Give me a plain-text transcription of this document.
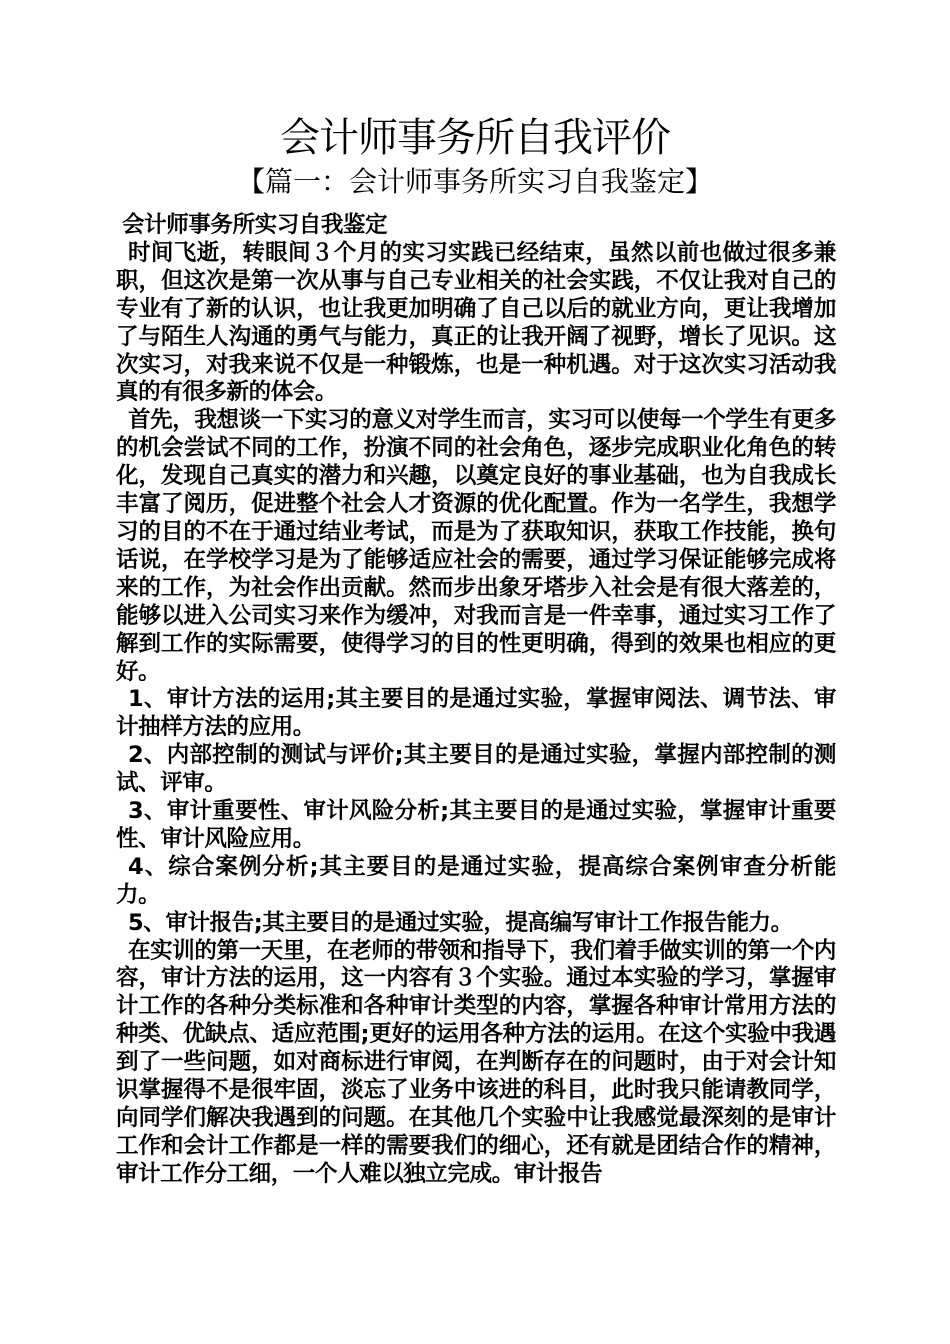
会计师事务所自我评价
【篇一：会计师事务所实习自我鉴定】

会计师事务所实习自我鉴定

时间飞逝，转眼间３个月的实习实践已经结束，虽然以前也做过很多兼职，但这次是第一次从事与自己专业相关的社会实践，不仅让我对自己的专业有了新的认识，也让我更加明确了自己以后的就业方向，更让我增加了与陌生人沟通的勇气与能力，真正的让我开阔了视野，增长了见识。这次实习，对我来说不仅是一种锻炼，也是一种机遇。对于这次实习活动我真的有很多新的体会。

首先，我想谈一下实习的意义对学生而言，实习可以使每一个学生有更多的机会尝试不同的工作，扮演不同的社会角色，逐步完成职业化角色的转化，发现自己真实的潜力和兴趣，以奠定良好的事业基础，也为自我成长丰富了阅历，促进整个社会人才资源的优化配置。作为一名学生，我想学习的目的不在于通过结业考试，而是为了获取知识，获取工作技能，换句话说，在学校学习是为了能够适应社会的需要，通过学习保证能够完成将来的工作，为社会作出贡献。然而步出象牙塔步入社会是有很大落差的，能够以进入公司实习来作为缓冲，对我而言是一件幸事，通过实习工作了解到工作的实际需要，使得学习的目的性更明确，得到的效果也相应的更好。

1、审计方法的运用;其主要目的是通过实验，掌握审阅法、调节法、审计抽样方法的应用。

2、内部控制的测试与评价;其主要目的是通过实验，掌握内部控制的测试、评审。

3、审计重要性、审计风险分析;其主要目的是通过实验，掌握审计重要性、审计风险应用。

4、综合案例分析;其主要目的是通过实验，提高综合案例审查分析能力。

5、审计报告;其主要目的是通过实验，提高编写审计工作报告能力。

在实训的第一天里，在老师的带领和指导下，我们着手做实训的第一个内容，审计方法的运用，这一内容有３个实验。通过本实验的学习，掌握审计工作的各种分类标准和各种审计类型的内容，掌握各种审计常用方法的种类、优缺点、适应范围;更好的运用各种方法的运用。在这个实验中我遇到了一些问题，如对商标进行审阅，在判断存在的问题时，由于对会计知识掌握得不是很牢固，淡忘了业务中该进的科目，此时我只能请教同学，向同学们解决我遇到的问题。在其他几个实验中让我感觉最深刻的是审计工作和会计工作都是一样的需要我们的细心，还有就是团结合作的精神，审计工作分工细，一个人难以独立完成。审计报告
